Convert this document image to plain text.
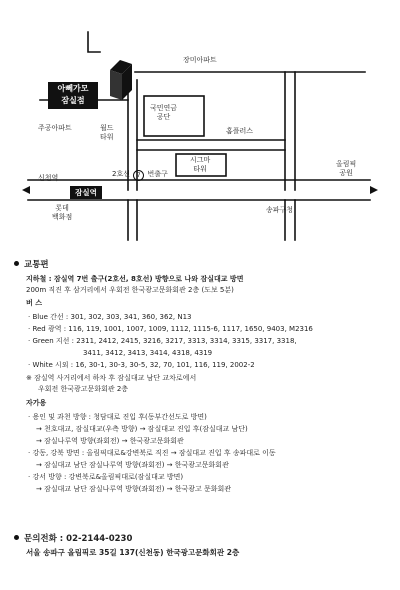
아뻬가모
잠실점
잠실역
장미아파트
국민연금
공단
주공아파트	월드
타워
홈플러스
신천역	2호선 7 번출구
시그마
타워
올림픽
공원
롯데
백화점
송파구청
교통편
지하철 : 잠실역 7번 출구(2호선, 8호선) 방향으로 나와 잠실대교 방면
200m 직진 후 삼거리에서 우회전 한국광고문화회관 2층 (도보 5분)
버 스
· Blue 간선 : 301, 302, 303, 341, 360, 362, N13
· Red 광역 : 116, 119, 1001, 1007, 1009, 1112, 1115-6, 1117, 1650, 9403, M2316
· Green 지선 : 2311, 2412, 2415, 3216, 3217, 3313, 3314, 3315, 3317, 3318,
3411, 3412, 3413, 3414, 4318, 4319
· White 시외 : 16, 30-1, 30-3, 30-5, 32, 70, 101, 116, 119, 2002-2
※ 잠실역 사거리에서 하차 후 잠실대교 남단 교차로에서
우회전 한국광고문화회관 2층
자가용
· 용인 및 과천 방향 : 청담대로 진입 후(동부간선도로 방면)
→ 천호대교, 잠실대교(우측 방향) → 잠실대교 진입 후(잠실대교 남단)
→ 잠실나루역 방향(좌회전) → 한국광고문화회관
· 강동, 강북 방면 : 올림픽대로&강변북로 직진 → 잠실대교 진입 후 송파대로 이동
→ 잠실대교 남단 잠실나루역 방향(좌회전) → 한국광고문화회관
· 강서 방향 : 강변북로&올림픽대로(잠실대교 방면)
→ 잠실대교 남단 잠실나루역 방향(좌회전) → 한국광고 문화회관
문의전화 : 02-2144-0230
서울 송파구 올림픽로 35길 137(신천동) 한국광고문화회관 2층
